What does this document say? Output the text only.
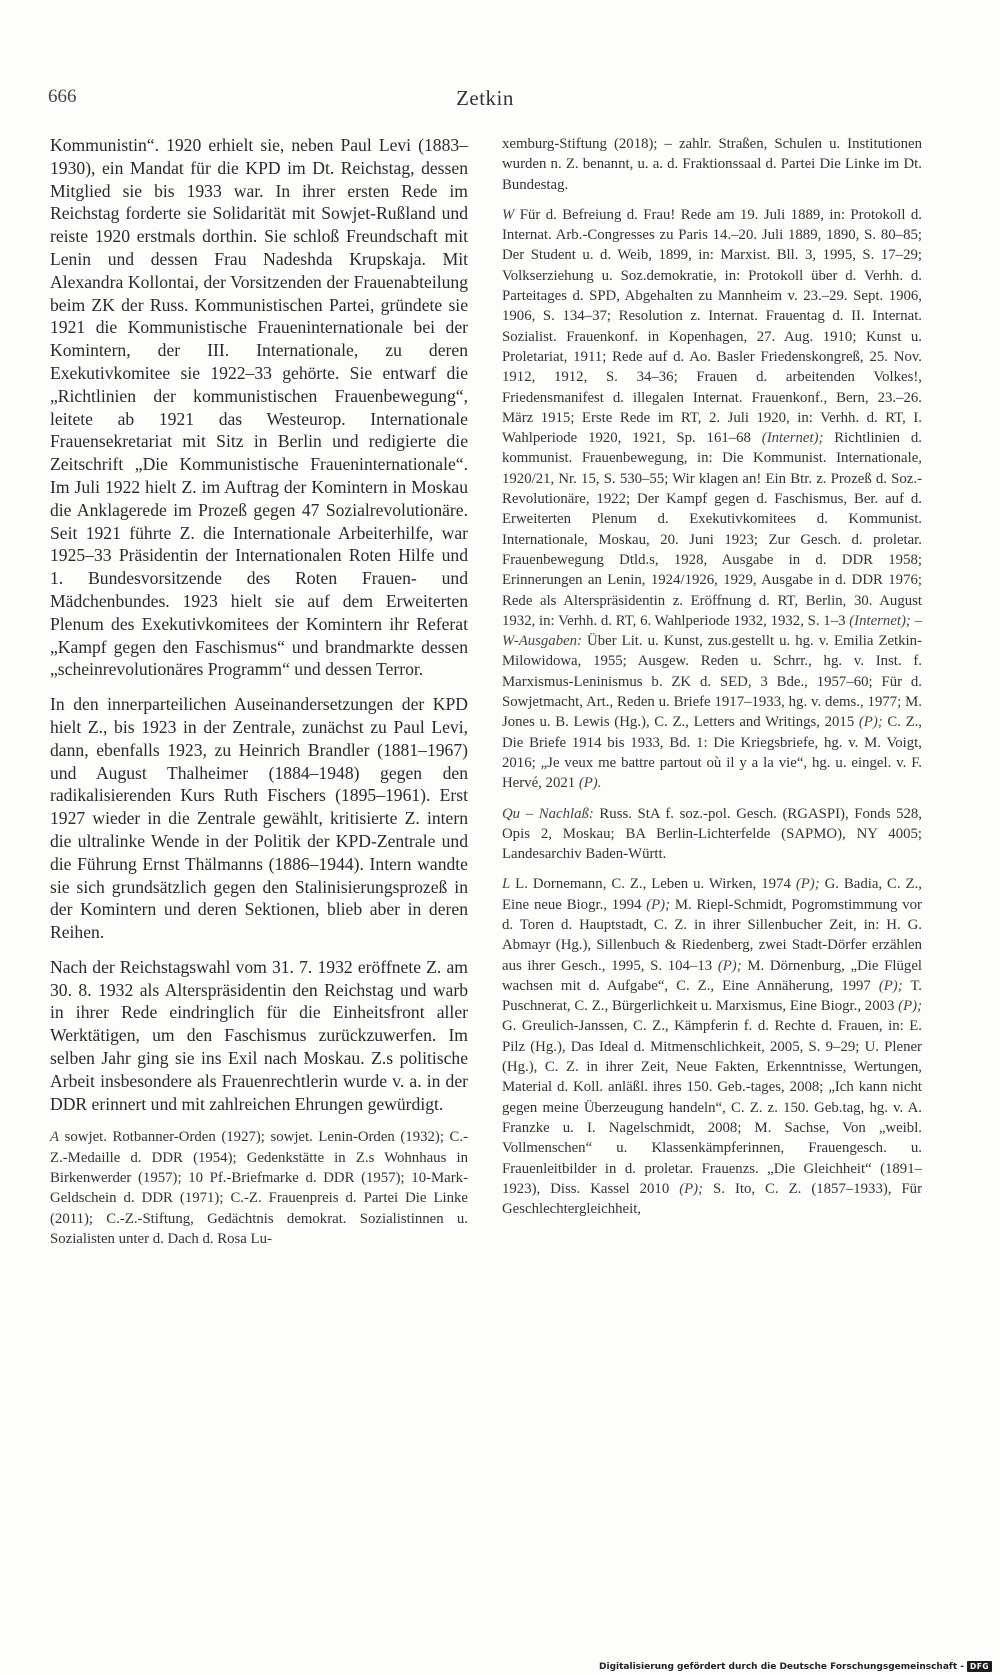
666	Zetkin

Kommunistin“. 1920 erhielt sie, neben Paul Levi (1883–1930), ein Mandat für die KPD im Dt. Reichstag, dessen Mitglied sie bis 1933 war. In ihrer ersten Rede im Reichstag forderte sie Solidarität mit Sowjet-Rußland und reiste 1920 erstmals dorthin. Sie schloß Freundschaft mit Lenin und dessen Frau Nadeshda Krupskaja. Mit Alexandra Kollontai, der Vorsitzenden der Frauenabteilung beim ZK der Russ. Kommunistischen Partei, gründete sie 1921 die Kommunistische Fraueninternationale bei der Komintern, der III. Internationale, zu deren Exekutivkomitee sie 1922–33 gehörte. Sie entwarf die „Richtlinien der kommunistischen Frauenbewegung“, leitete ab 1921 das Westeurop. Internationale Frauensekretariat mit Sitz in Berlin und redigierte die Zeitschrift „Die Kommunistische Fraueninternationale“. Im Juli 1922 hielt Z. im Auftrag der Komintern in Moskau die Anklagerede im Prozeß gegen 47 Sozialrevolutionäre. Seit 1921 führte Z. die Internationale Arbeiterhilfe, war 1925–33 Präsidentin der Internationalen Roten Hilfe und 1. Bundesvorsitzende des Roten Frauen- und Mädchenbundes. 1923 hielt sie auf dem Erweiterten Plenum des Exekutivkomitees der Komintern ihr Referat „Kampf gegen den Faschismus“ und brandmarkte dessen „scheinrevolutionäres Programm“ und dessen Terror.

In den innerparteilichen Auseinandersetzungen der KPD hielt Z., bis 1923 in der Zentrale, zunächst zu Paul Levi, dann, ebenfalls 1923, zu Heinrich Brandler (1881–1967) und August Thalheimer (1884–1948) gegen den radikalisierenden Kurs Ruth Fischers (1895–1961). Erst 1927 wieder in die Zentrale gewählt, kritisierte Z. intern die ultralinke Wende in der Politik der KPD-Zentrale und die Führung Ernst Thälmanns (1886–1944). Intern wandte sie sich grundsätzlich gegen den Stalinisierungsprozeß in der Komintern und deren Sektionen, blieb aber in deren Reihen.

Nach der Reichstagswahl vom 31. 7. 1932 eröffnete Z. am 30. 8. 1932 als Alterspräsidentin den Reichstag und warb in ihrer Rede eindringlich für die Einheitsfront aller Werktätigen, um den Faschismus zurückzuwerfen. Im selben Jahr ging sie ins Exil nach Moskau. Z.s politische Arbeit insbesondere als Frauenrechtlerin wurde v. a. in der DDR erinnert und mit zahlreichen Ehrungen gewürdigt.

A sowjet. Rotbanner-Orden (1927); sowjet. Lenin-Orden (1932); C.-Z.-Medaille d. DDR (1954); Gedenkstätte in Z.s Wohnhaus in Birkenwerder (1957); 10 Pf.-Briefmarke d. DDR (1957); 10-Mark-Geldschein d. DDR (1971); C.-Z. Frauenpreis d. Partei Die Linke (2011); C.-Z.-Stiftung, Gedächtnis demokrat. Sozialistinnen u. Sozialisten unter d. Dach d. Rosa Lu-

xemburg-Stiftung (2018); – zahlr. Straßen, Schulen u. Institutionen wurden n. Z. benannt, u. a. d. Fraktionssaal d. Partei Die Linke im Dt. Bundestag.

W Für d. Befreiung d. Frau! Rede am 19. Juli 1889, in: Protokoll d. Internat. Arb.-Congresses zu Paris 14.–20. Juli 1889, 1890, S. 80–85; Der Student u. d. Weib, 1899, in: Marxist. Bll. 3, 1995, S. 17–29; Volkserziehung u. Soz.demokratie, in: Protokoll über d. Verhh. d. Parteitages d. SPD, Abgehalten zu Mannheim v. 23.–29. Sept. 1906, 1906, S. 134–37; Resolution z. Internat. Frauentag d. II. Internat. Sozialist. Frauenkonf. in Kopenhagen, 27. Aug. 1910; Kunst u. Proletariat, 1911; Rede auf d. Ao. Basler Friedenskongreß, 25. Nov. 1912, 1912, S. 34–36; Frauen d. arbeitenden Volkes!, Friedensmanifest d. illegalen Internat. Frauenkonf., Bern, 23.–26. März 1915; Erste Rede im RT, 2. Juli 1920, in: Verhh. d. RT, I. Wahlperiode 1920, 1921, Sp. 161–68 (Internet); Richtlinien d. kommunist. Frauenbewegung, in: Die Kommunist. Internationale, 1920/21, Nr. 15, S. 530–55; Wir klagen an! Ein Btr. z. Prozeß d. Soz.-Revolutionäre, 1922; Der Kampf gegen d. Faschismus, Ber. auf d. Erweiterten Plenum d. Exekutivkomitees d. Kommunist. Internationale, Moskau, 20. Juni 1923; Zur Gesch. d. proletar. Frauenbewegung Dtld.s, 1928, Ausgabe in d. DDR 1958; Erinnerungen an Lenin, 1924/1926, 1929, Ausgabe in d. DDR 1976; Rede als Alterspräsidentin z. Eröffnung d. RT, Berlin, 30. August 1932, in: Verhh. d. RT, 6. Wahlperiode 1932, 1932, S. 1–3 (Internet); – W-Ausgaben: Über Lit. u. Kunst, zus.gestellt u. hg. v. Emilia Zetkin-Milowidowa, 1955; Ausgew. Reden u. Schrr., hg. v. Inst. f. Marxismus-Leninismus b. ZK d. SED, 3 Bde., 1957–60; Für d. Sowjetmacht, Art., Reden u. Briefe 1917–1933, hg. v. dems., 1977; M. Jones u. B. Lewis (Hg.), C. Z., Letters and Writings, 2015 (P); C. Z., Die Briefe 1914 bis 1933, Bd. 1: Die Kriegsbriefe, hg. v. M. Voigt, 2016; „Je veux me battre partout où il y a la vie“, hg. u. eingel. v. F. Hervé, 2021 (P).

Qu – Nachlaß: Russ. StA f. soz.-pol. Gesch. (RGASPI), Fonds 528, Opis 2, Moskau; BA Berlin-Lichterfelde (SAPMO), NY 4005; Landesarchiv Baden-Württ.

L L. Dornemann, C. Z., Leben u. Wirken, 1974 (P); G. Badia, C. Z., Eine neue Biogr., 1994 (P); M. Riepl-Schmidt, Pogromstimmung vor d. Toren d. Hauptstadt, C. Z. in ihrer Sillenbucher Zeit, in: H. G. Abmayr (Hg.), Sillenbuch & Riedenberg, zwei Stadt-Dörfer erzählen aus ihrer Gesch., 1995, S. 104–13 (P); M. Dörnenburg, „Die Flügel wachsen mit d. Aufgabe“, C. Z., Eine Annäherung, 1997 (P); T. Puschnerat, C. Z., Bürgerlichkeit u. Marxismus, Eine Biogr., 2003 (P); G. Greulich-Janssen, C. Z., Kämpferin f. d. Rechte d. Frauen, in: E. Pilz (Hg.), Das Ideal d. Mitmenschlichkeit, 2005, S. 9–29; U. Plener (Hg.), C. Z. in ihrer Zeit, Neue Fakten, Erkenntnisse, Wertungen, Material d. Koll. anläßl. ihres 150. Geb.-tages, 2008; „Ich kann nicht gegen meine Überzeugung handeln“, C. Z. z. 150. Geb.tag, hg. v. A. Franzke u. I. Nagelschmidt, 2008; M. Sachse, Von „weibl. Vollmenschen“ u. Klassenkämpferinnen, Frauengesch. u. Frauenleitbilder in d. proletar. Frauenzs. „Die Gleichheit“ (1891–1923), Diss. Kassel 2010 (P); S. Ito, C. Z. (1857–1933), Für Geschlechtergleichheit,

Digitalisierung gefördert durch die Deutsche Forschungsgemeinschaft - DFG
